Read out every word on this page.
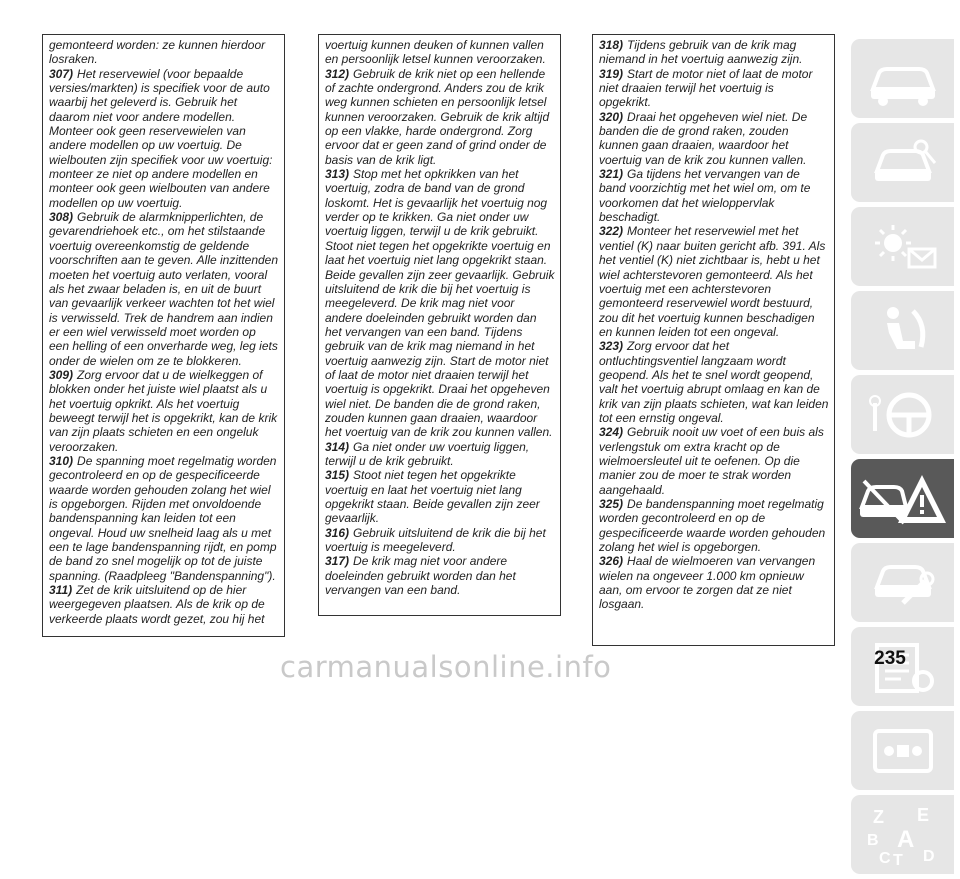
gemonteerd worden: ze kunnen hierdoor losraken.

307) Het reservewiel (voor bepaalde versies/markten) is specifiek voor de auto waarbij het geleverd is. Gebruik het daarom niet voor andere modellen. Monteer ook geen reservewielen van andere modellen op uw voertuig. De wielbouten zijn specifiek voor uw voertuig: monteer ze niet op andere modellen en monteer ook geen wielbouten van andere modellen op uw voertuig.

308) Gebruik de alarmknipperlichten, de gevarendriehoek etc., om het stilstaande voertuig overeenkomstig de geldende voorschriften aan te geven. Alle inzittenden moeten het voertuig auto verlaten, vooral als het zwaar beladen is, en uit de buurt van gevaarlijk verkeer wachten tot het wiel is verwisseld. Trek de handrem aan indien er een wiel verwisseld moet worden op een helling of een onverharde weg, leg iets onder de wielen om ze te blokkeren.

309) Zorg ervoor dat u de wielkeggen of blokken onder het juiste wiel plaatst als u het voertuig opkrikt. Als het voertuig beweegt terwijl het is opgekrikt, kan de krik van zijn plaats schieten en een ongeluk veroorzaken.

310) De spanning moet regelmatig worden gecontroleerd en op de gespecificeerde waarde worden gehouden zolang het wiel is opgeborgen. Rijden met onvoldoende bandenspanning kan leiden tot een ongeval. Houd uw snelheid laag als u met een te lage bandenspanning rijdt, en pomp de band zo snel mogelijk op tot de juiste spanning. (Raadpleeg "Bandenspanning").

311) Zet de krik uitsluitend op de hier weergegeven plaatsen. Als de krik op de verkeerde plaats wordt gezet, zou hij het

voertuig kunnen deuken of kunnen vallen en persoonlijk letsel kunnen veroorzaken.

312) Gebruik de krik niet op een hellende of zachte ondergrond. Anders zou de krik weg kunnen schieten en persoonlijk letsel kunnen veroorzaken. Gebruik de krik altijd op een vlakke, harde ondergrond. Zorg ervoor dat er geen zand of grind onder de basis van de krik ligt.

313) Stop met het opkrikken van het voertuig, zodra de band van de grond loskomt. Het is gevaarlijk het voertuig nog verder op te krikken. Ga niet onder uw voertuig liggen, terwijl u de krik gebruikt. Stoot niet tegen het opgekrikte voertuig en laat het voertuig niet lang opgekrikt staan. Beide gevallen zijn zeer gevaarlijk. Gebruik uitsluitend de krik die bij het voertuig is meegeleverd. De krik mag niet voor andere doeleinden gebruikt worden dan het vervangen van een band. Tijdens gebruik van de krik mag niemand in het voertuig aanwezig zijn. Start de motor niet of laat de motor niet draaien terwijl het voertuig is opgekrikt. Draai het opgeheven wiel niet. De banden die de grond raken, zouden kunnen gaan draaien, waardoor het voertuig van de krik zou kunnen vallen.

314) Ga niet onder uw voertuig liggen, terwijl u de krik gebruikt.

315) Stoot niet tegen het opgekrikte voertuig en laat het voertuig niet lang opgekrikt staan. Beide gevallen zijn zeer gevaarlijk.

316) Gebruik uitsluitend de krik die bij het voertuig is meegeleverd.

317) De krik mag niet voor andere doeleinden gebruikt worden dan het vervangen van een band.

318) Tijdens gebruik van de krik mag niemand in het voertuig aanwezig zijn.

319) Start de motor niet of laat de motor niet draaien terwijl het voertuig is opgekrikt.

320) Draai het opgeheven wiel niet. De banden die de grond raken, zouden kunnen gaan draaien, waardoor het voertuig van de krik zou kunnen vallen.

321) Ga tijdens het vervangen van de band voorzichtig met het wiel om, om te voorkomen dat het wieloppervlak beschadigt.

322) Monteer het reservewiel met het ventiel (K) naar buiten gericht afb. 391. Als het ventiel (K) niet zichtbaar is, hebt u het wiel achterstevoren gemonteerd. Als het voertuig met een achterstevoren gemonteerd reservewiel wordt bestuurd, zou dit het voertuig kunnen beschadigen en kunnen leiden tot een ongeval.

323) Zorg ervoor dat het ontluchtingsventiel langzaam wordt geopend. Als het te snel wordt geopend, valt het voertuig abrupt omlaag en kan de krik van zijn plaats schieten, wat kan leiden tot een ernstig ongeval.

324) Gebruik nooit uw voet of een buis als verlengstuk om extra kracht op de wielmoersleutel uit te oefenen. Op die manier zou de moer te strak worden aangehaald.

325) De bandenspanning moet regelmatig worden gecontroleerd en op de gespecificeerde waarde worden gehouden zolang het wiel is opgeborgen.

326) Haal de wielmoeren van vervangen wielen na ongeveer 1.000 km opnieuw aan, om ervoor te zorgen dat ze niet losgaan.

Z E
B A
C T D
235
carmanualsonline.info
